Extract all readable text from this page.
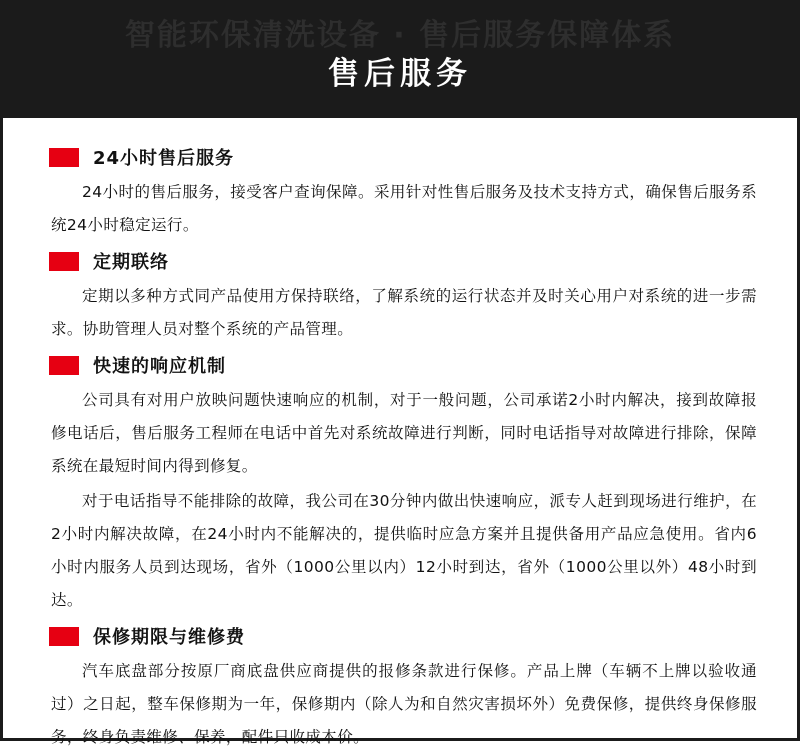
智能环保清洗设备 · 售后服务保障体系
售后服务
24小时售后服务

24小时的售后服务，接受客户查询保障。采用针对性售后服务及技术支持方式，确保售后服务系统24小时稳定运行。

定期联络

定期以多种方式同产品使用方保持联络，了解系统的运行状态并及时关心用户对系统的进一步需求。协助管理人员对整个系统的产品管理。

快速的响应机制

公司具有对用户放映问题快速响应的机制，对于一般问题，公司承诺2小时内解决，接到故障报修电话后，售后服务工程师在电话中首先对系统故障进行判断，同时电话指导对故障进行排除，保障系统在最短时间内得到修复。

对于电话指导不能排除的故障，我公司在30分钟内做出快速响应，派专人赶到现场进行维护，在2小时内解决故障，在24小时内不能解决的，提供临时应急方案并且提供备用产品应急使用。省内6小时内服务人员到达现场，省外（1000公里以内）12小时到达，省外（1000公里以外）48小时到达。

保修期限与维修费

汽车底盘部分按原厂商底盘供应商提供的报修条款进行保修。产品上牌（车辆不上牌以验收通过）之日起，整车保修期为一年，保修期内（除人为和自然灾害损坏外）免费保修，提供终身保修服务，终身负责维修、保养，配件只收成本价。
